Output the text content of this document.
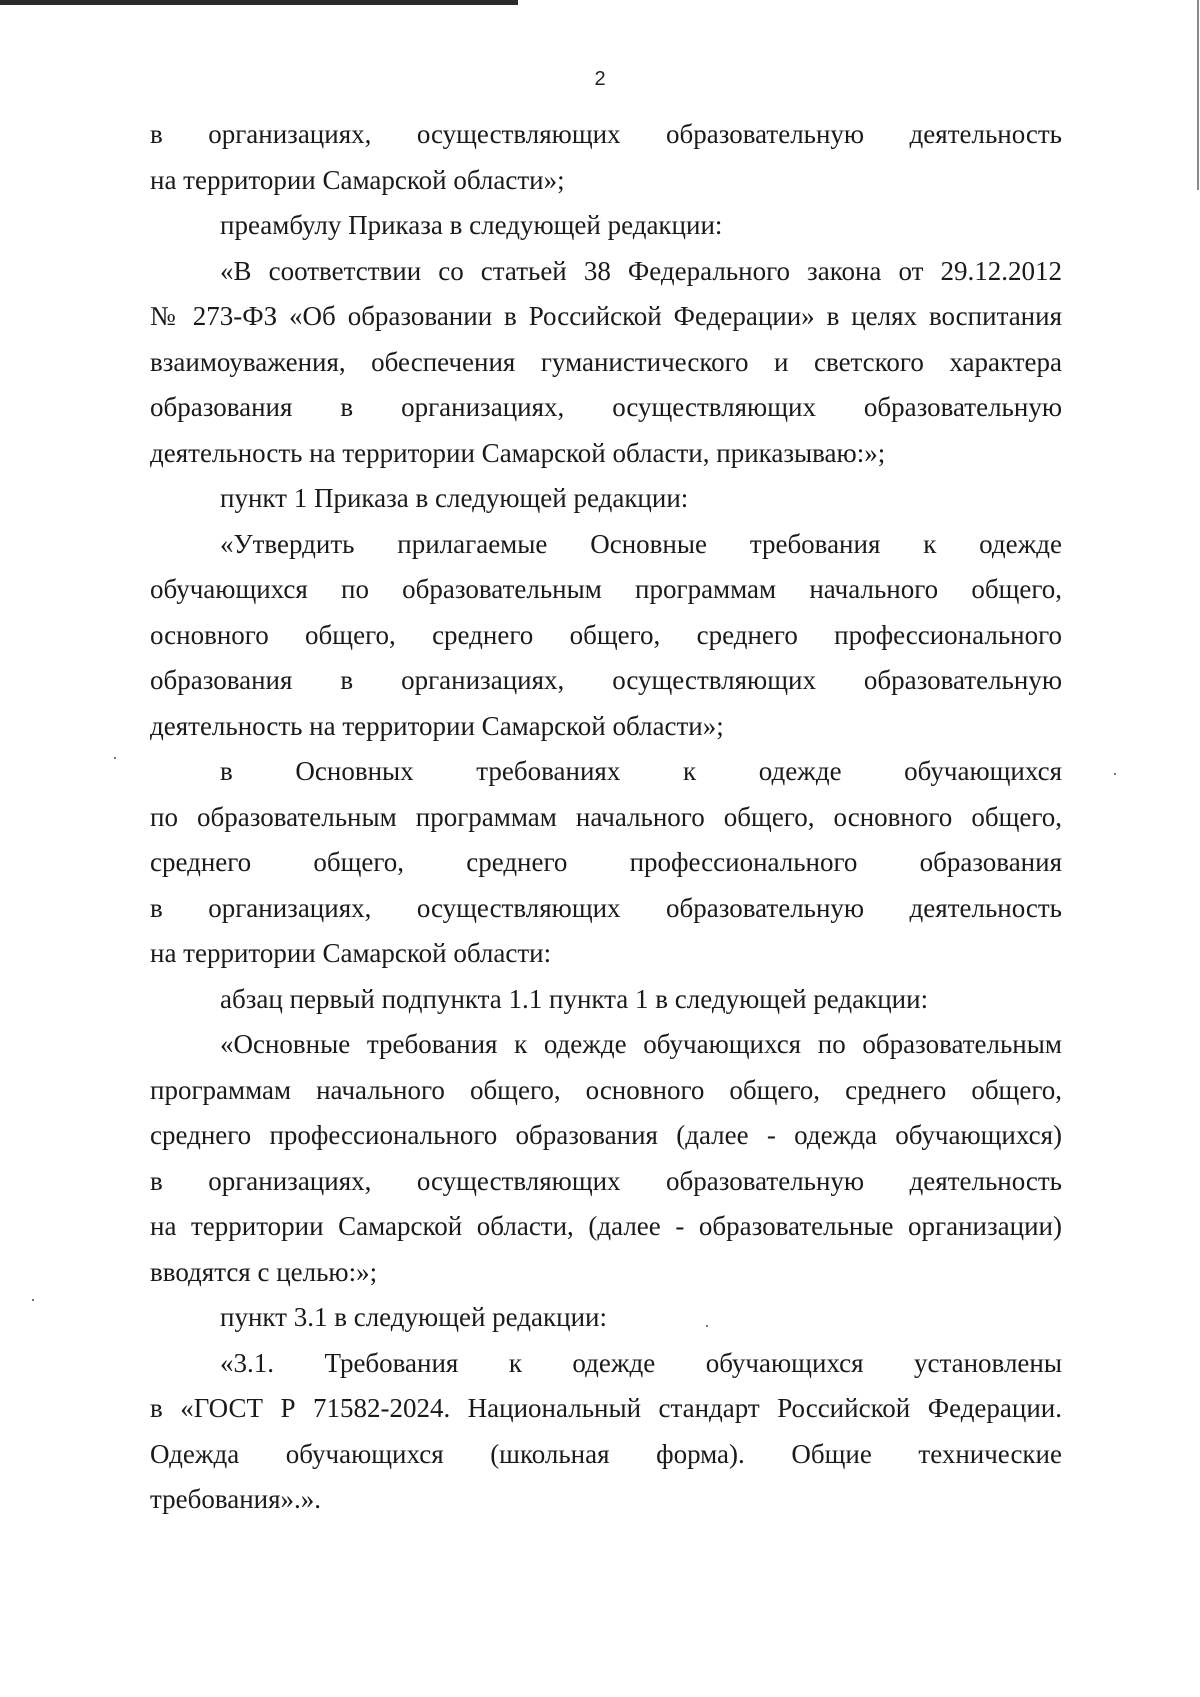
2
в организациях, осуществляющих образовательную деятельность
на территории Самарской области»;
преамбулу Приказа в следующей редакции:
«В соответствии со статьей 38 Федерального закона от 29.12.2012
№ 273-ФЗ «Об образовании в Российской Федерации» в целях воспитания
взаимоуважения, обеспечения гуманистического и светского характера
образования в организациях, осуществляющих образовательную
деятельность на территории Самарской области, приказываю:»;
пункт 1 Приказа в следующей редакции:
«Утвердить прилагаемые Основные требования к одежде
обучающихся по образовательным программам начального общего,
основного общего, среднего общего, среднего профессионального
образования в организациях, осуществляющих образовательную
деятельность на территории Самарской области»;
в Основных требованиях к одежде обучающихся
по образовательным программам начального общего, основного общего,
среднего общего, среднего профессионального образования
в организациях, осуществляющих образовательную деятельность
на территории Самарской области:
абзац первый подпункта 1.1 пункта 1 в следующей редакции:
«Основные требования к одежде обучающихся по образовательным
программам начального общего, основного общего, среднего общего,
среднего профессионального образования (далее - одежда обучающихся)
в организациях, осуществляющих образовательную деятельность
на территории Самарской области, (далее - образовательные организации)
вводятся с целью:»;
пункт 3.1 в следующей редакции:
«3.1. Требования к одежде обучающихся установлены
в «ГОСТ Р 71582-2024. Национальный стандарт Российской Федерации.
Одежда обучающихся (школьная форма). Общие технические
требования».».
